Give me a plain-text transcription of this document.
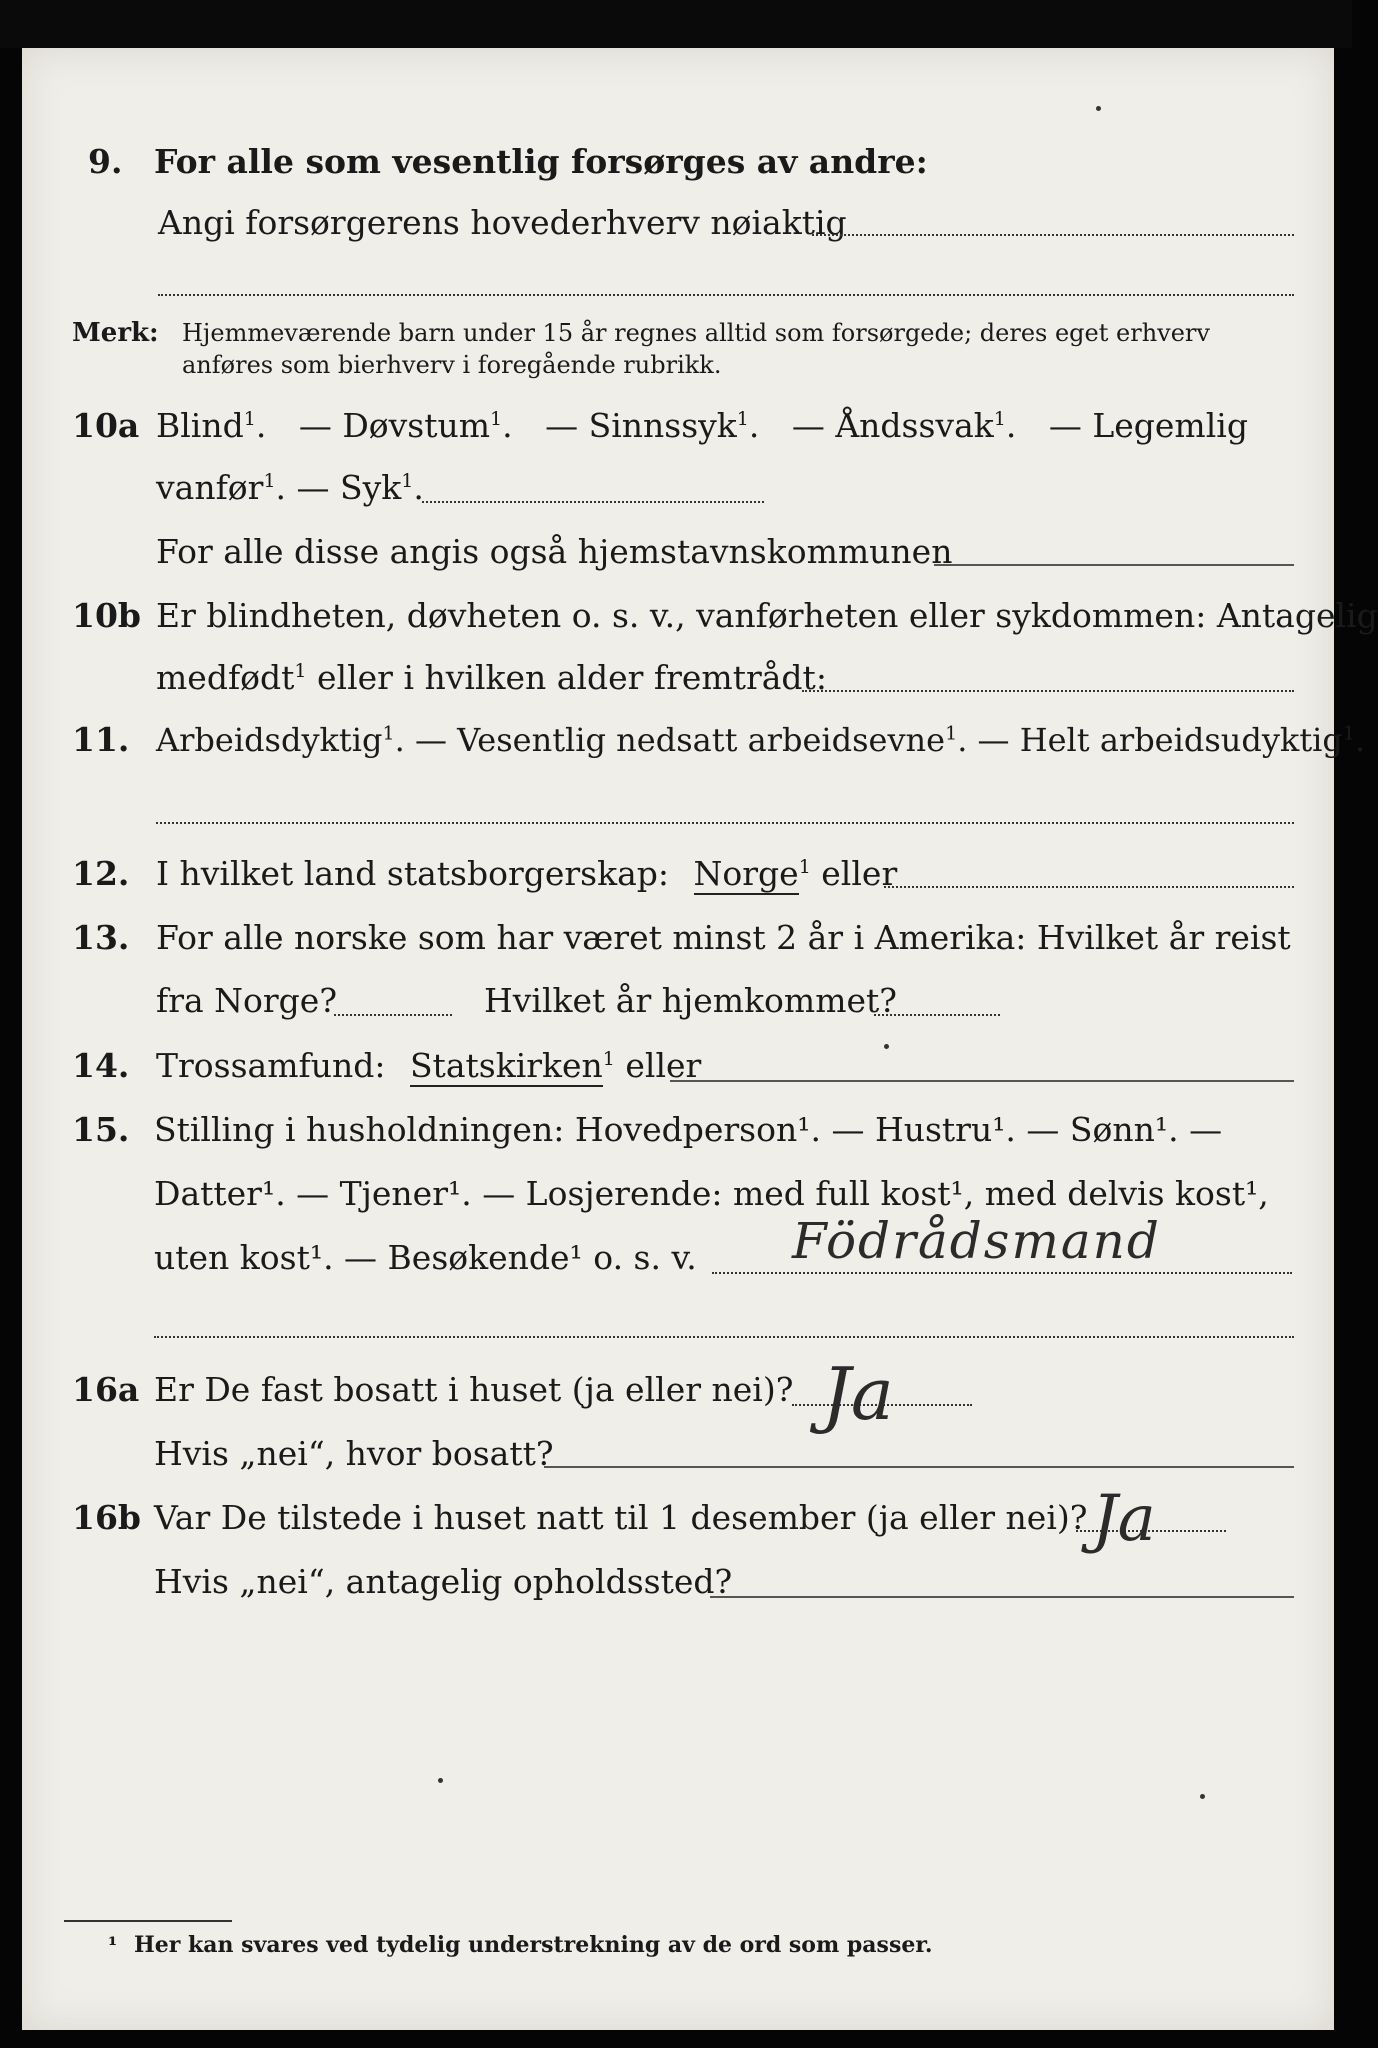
9. For alle som vesentlig forsørges av andre:
Angi forsørgerens hovederhverv nøiaktig
Merk: Hjemmeværende barn under 15 år regnes alltid som forsørgede; deres eget erhverv
anføres som bierhverv i foregående rubrikk.
10a Blind$^1$. — Døvstum$^1$. — Sinnssyk$^1$. — Åndssvak$^1$. — Legemlig
vanfør$^1$. — Syk$^1$.
For alle disse angis også hjemstavnskommunen
10b Er blindheten, døvheten o. s. v., vanførheten eller sykdommen: Antagelig
medfødt$^1$ eller i hvilken alder fremtrådt:
11. Arbeidsdyktig$^1$. — Vesentlig nedsatt arbeidsevne$^1$. — Helt arbeidsudyktig$^1$.
12. I hvilket land statsborgerskap: Norge$^1$ eller
13. For alle norske som har været minst 2 år i Amerika: Hvilket år reist
fra Norge?	Hvilket år hjemkommet?
14. Trossamfund: Statskirken$^1$ eller
15. Stilling i husholdningen: Hovedperson¹. — Hustru¹. — Sønn¹. —
Datter¹. — Tjener¹. — Losjerende: med full kost¹, med delvis kost¹,
uten kost¹. — Besøkende¹ o. s. v. Födrådsmand
16a Er De fast bosatt i huset (ja eller nei)? Ja
Hvis „nei“, hvor bosatt?
16b Var De tilstede i huset natt til 1 desember (ja eller nei)? Ja
Hvis „nei“, antagelig opholdssted?
¹ Her kan svares ved tydelig understrekning av de ord som passer.
